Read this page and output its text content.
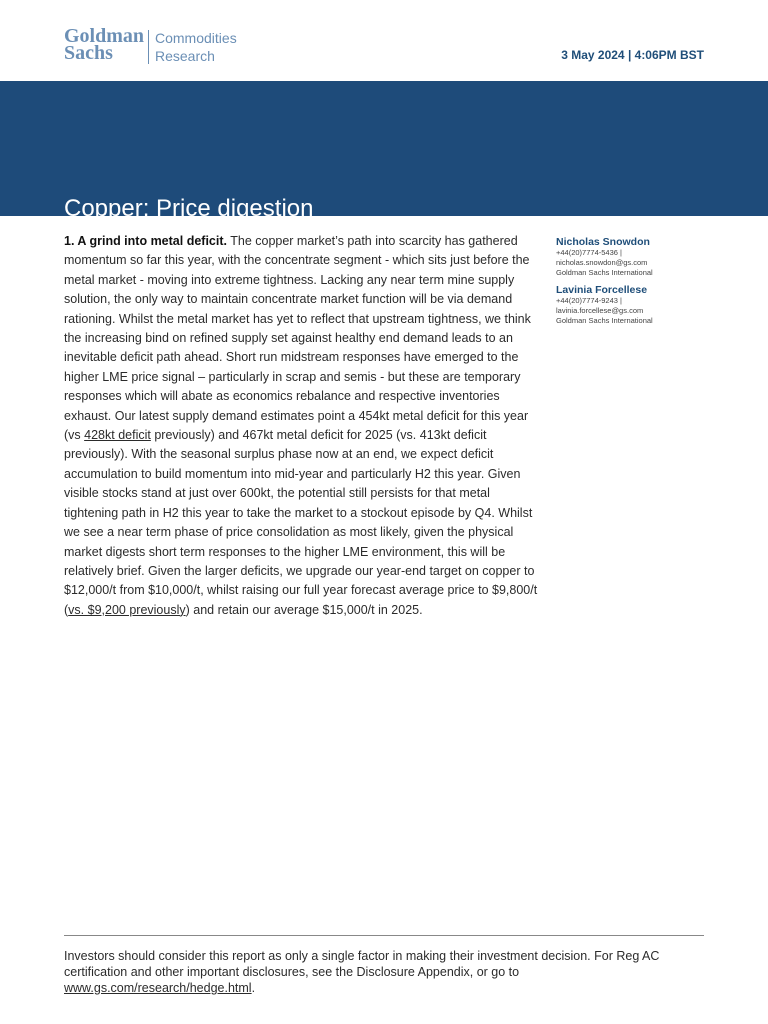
Goldman
Sachs
Commodities
Research	3 May 2024 | 4:06PM BST
Copper: Price digestion

1. A grind into metal deficit. The copper market’s path into scarcity has gathered momentum so far this year, with the concentrate segment - which sits just before the metal market - moving into extreme tightness. Lacking any near term mine supply solution, the only way to maintain concentrate market function will be via demand rationing. Whilst the metal market has yet to reflect that upstream tightness, we think the increasing bind on refined supply set against healthy end demand leads to an inevitable deficit path ahead. Short run midstream responses have emerged to the higher LME price signal – particularly in scrap and semis - but these are temporary responses which will abate as economics rebalance and respective inventories exhaust. Our latest supply demand estimates point a 454kt metal deficit for this year (vs 428kt deficit previously) and 467kt metal deficit for 2025 (vs. 413kt deficit previously). With the seasonal surplus phase now at an end, we expect deficit accumulation to build momentum into mid-year and particularly H2 this year. Given visible stocks stand at just over 600kt, the potential still persists for that metal tightening path in H2 this year to take the market to a stockout episode by Q4. Whilst we see a near term phase of price consolidation as most likely, given the physical market digests short term responses to the higher LME environment, this will be relatively brief. Given the larger deficits, we upgrade our year-end target on copper to $12,000/t from $10,000/t, whilst raising our full year forecast average price to $9,800/t (vs. $9,200 previously) and retain our average $15,000/t in 2025.

Nicholas Snowdon
+44(20)7774-5436 |
nicholas.snowdon@gs.com
Goldman Sachs International
Lavinia Forcellese
+44(20)7774-9243 |
lavinia.forcellese@gs.com
Goldman Sachs International

Investors should consider this report as only a single factor in making their investment decision. For Reg AC certification and other important disclosures, see the Disclosure Appendix, or go to www.gs.com/research/hedge.html.
